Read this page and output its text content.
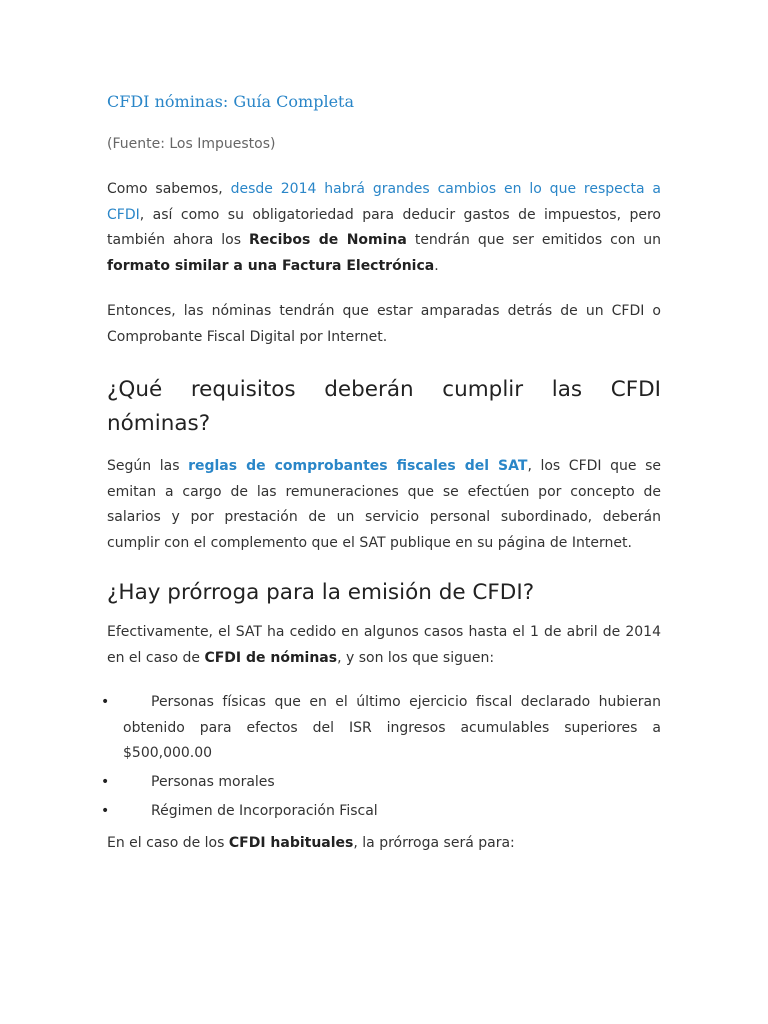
CFDI nóminas: Guía Completa

(Fuente: Los Impuestos)

Como sabemos, desde 2014 habrá grandes cambios en lo que respecta a CFDI, así como su obligatoriedad para deducir gastos de impuestos, pero también ahora los Recibos de Nomina tendrán que ser emitidos con un formato similar a una Factura Electrónica.

Entonces, las nóminas tendrán que estar amparadas detrás de un CFDI o Comprobante Fiscal Digital por Internet.

¿Qué requisitos deberán cumplir las CFDI nóminas?

Según las reglas de comprobantes fiscales del SAT, los CFDI que se emitan a cargo de las remuneraciones que se efectúen por concepto de salarios y por prestación de un servicio personal subordinado, deberán cumplir con el complemento que el SAT publique en su página de Internet.

¿Hay prórroga para la emisión de CFDI?

Efectivamente, el SAT ha cedido en algunos casos hasta el 1 de abril de 2014 en el caso de CFDI de nóminas, y son los que siguen:

•	Personas físicas que en el último ejercicio fiscal declarado hubieran obtenido para efectos del ISR ingresos acumulables superiores a $500,000.00
•	Personas morales
•	Régimen de Incorporación Fiscal

En el caso de los CFDI habituales, la prórroga será para:
